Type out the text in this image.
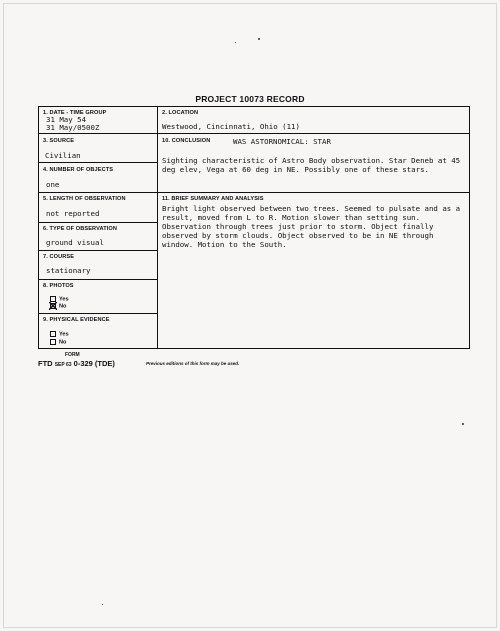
PROJECT 10073 RECORD
1. DATE - TIME GROUP
31 May 54
31 May/0500Z
2. LOCATION
Westwood, Cincinnati, Ohio (11)
3. SOURCE
Civilian
10. CONCLUSION	WAS ASTORNOMICAL: STAR
Sighting characteristic of Astro Body observation. Star Deneb at 45 deg elev, Vega at 60 deg in NE. Possibly one of these stars.
4. NUMBER OF OBJECTS
one
5. LENGTH OF OBSERVATION
not reported
11. BRIEF SUMMARY AND ANALYSIS
Bright light observed between two trees. Seemed to pulsate and as a result, moved from L to R. Motion slower than setting sun. Observation through trees just prior to storm. Object finally observed by storm clouds. Object observed to be in NE through window. Motion to the South.
6. TYPE OF OBSERVATION
ground visual
7. COURSE
stationary
8. PHOTOS
Yes
No
9. PHYSICAL EVIDENCE
Yes
No
FORM
FTD SEP 63 0-329 (TDE)	Previous editions of this form may be used.
